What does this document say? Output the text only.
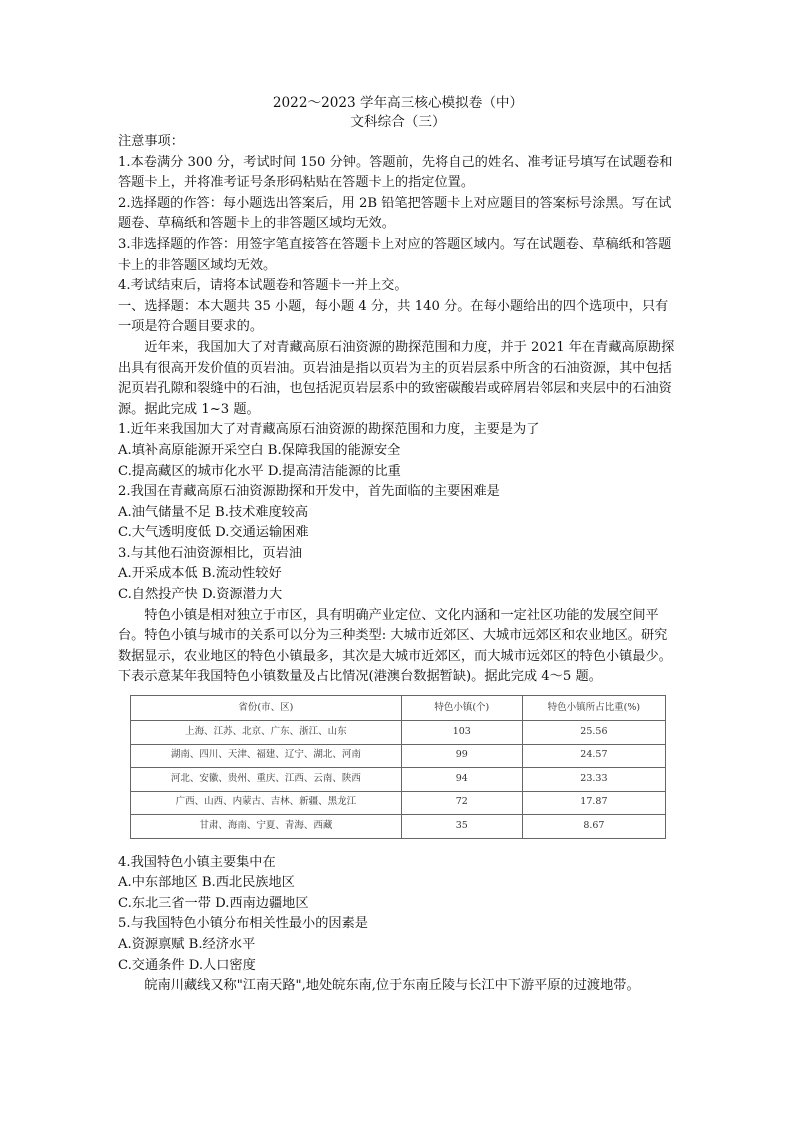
2022～2023 学年高三核心模拟卷（中）
文科综合（三）

注意事项：

1.本卷满分 300 分，考试时间 150 分钟。答题前，先将自己的姓名、准考证号填写在试题卷和答题卡上，并将准考证号条形码粘贴在答题卡上的指定位置。

2.选择题的作答：每小题选出答案后，用 2B 铅笔把答题卡上对应题目的答案标号涂黑。写在试题卷、草稿纸和答题卡上的非答题区域均无效。

3.非选择题的作答：用签字笔直接答在答题卡上对应的答题区域内。写在试题卷、草稿纸和答题卡上的非答题区域均无效。

4.考试结束后，请将本试题卷和答题卡一并上交。

一、选择题：本大题共 35 小题，每小题 4 分，共 140 分。在每小题给出的四个选项中，只有一项是符合题目要求的。

近年来，我国加大了对青藏高原石油资源的勘探范围和力度，并于 2021 年在青藏高原勘探出具有很高开发价值的页岩油。页岩油是指以页岩为主的页岩层系中所含的石油资源，其中包括泥页岩孔隙和裂缝中的石油，也包括泥页岩层系中的致密碳酸岩或碎屑岩邻层和夹层中的石油资源。据此完成 1~3 题。

1.近年来我国加大了对青藏高原石油资源的勘探范围和力度，主要是为了

A.填补高原能源开采空白 B.保障我国的能源安全

C.提高藏区的城市化水平 D.提高清洁能源的比重

2.我国在青藏高原石油资源勘探和开发中，首先面临的主要困难是

A.油气储量不足 B.技术难度较高

C.大气透明度低 D.交通运输困难

3.与其他石油资源相比，页岩油

A.开采成本低 B.流动性较好

C.自然投产快 D.资源潜力大

特色小镇是相对独立于市区，具有明确产业定位、文化内涵和一定社区功能的发展空间平台。特色小镇与城市的关系可以分为三种类型: 大城市近郊区、大城市远郊区和农业地区。研究数据显示，农业地区的特色小镇最多，其次是大城市近郊区，而大城市远郊区的特色小镇最少。下表示意某年我国特色小镇数量及占比情况(港澳台数据暂缺)。据此完成 4～5 题。

省份(市、区)	特色小镇(个)	特色小镇所占比重(%)
上海、江苏、北京、广东、浙江、山东	103	25.56
湖南、四川、天津、福建、辽宁、湖北、河南	99	24.57
河北、安徽、贵州、重庆、江西、云南、陕西	94	23.33
广西、山西、内蒙古、吉林、新疆、黑龙江	72	17.87
甘肃、海南、宁夏、青海、西藏	35	8.67

4.我国特色小镇主要集中在

A.中东部地区 B.西北民族地区

C.东北三省一带 D.西南边疆地区

5.与我国特色小镇分布相关性最小的因素是

A.资源禀赋 B.经济水平

C.交通条件 D.人口密度

皖南川藏线又称"江南天路",地处皖东南,位于东南丘陵与长江中下游平原的过渡地带。
